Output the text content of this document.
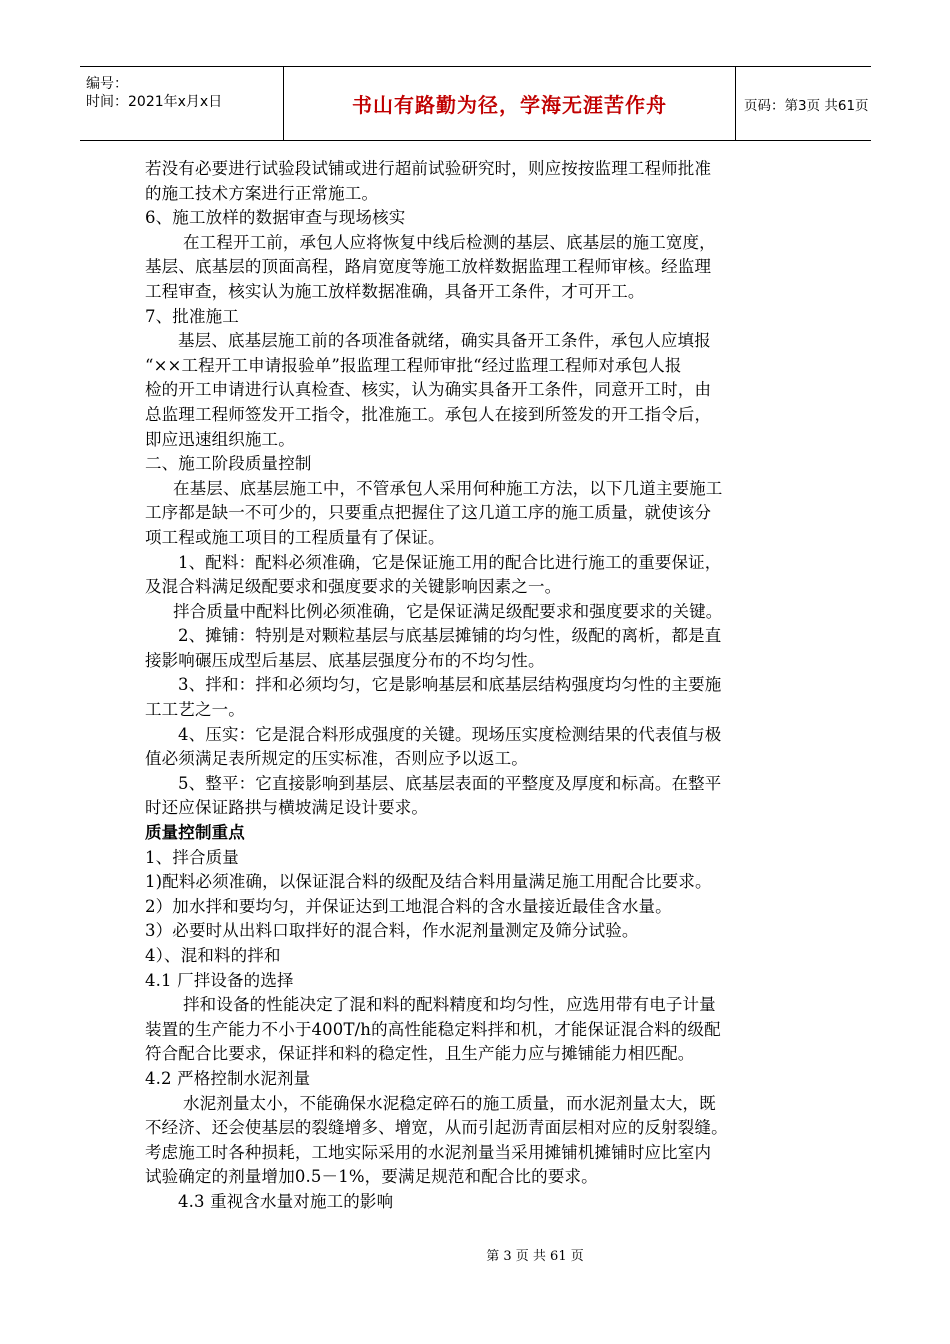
编号：
时间：2021年x月x日	书山有路勤为径，学海无涯苦作舟	页码：第3页 共61页
若没有必要进行试验段试铺或进行超前试验研究时，则应按按监理工程师批准
的施工技术方案进行正常施工。
6、施工放样的数据审查与现场核实
在工程开工前，承包人应将恢复中线后检测的基层、底基层的施工宽度，
基层、底基层的顶面高程，路肩宽度等施工放样数据监理工程师审核。经监理
工程审查，核实认为施工放样数据准确，具备开工条件，才可开工。
7、批准施工
基层、底基层施工前的各项准备就绪，确实具备开工条件，承包人应填报
“××工程开工申请报验单”报监理工程师审批“经过监理工程师对承包人报
检的开工申请进行认真检查、核实，认为确实具备开工条件，同意开工时，由
总监理工程师签发开工指令，批准施工。承包人在接到所签发的开工指令后，
即应迅速组织施工。
二、施工阶段质量控制
在基层、底基层施工中，不管承包人采用何种施工方法，以下几道主要施工
工序都是缺一不可少的，只要重点把握住了这几道工序的施工质量，就使该分
项工程或施工项目的工程质量有了保证。
1、配料：配料必须准确，它是保证施工用的配合比进行施工的重要保证，
及混合料满足级配要求和强度要求的关键影响因素之一。
拌合质量中配料比例必须准确，它是保证满足级配要求和强度要求的关键。
2、摊铺：特别是对颗粒基层与底基层摊铺的均匀性，级配的离析，都是直
接影响碾压成型后基层、底基层强度分布的不均匀性。
3、拌和：拌和必须均匀，它是影响基层和底基层结构强度均匀性的主要施
工工艺之一。
4、压实：它是混合料形成强度的关键。现场压实度检测结果的代表值与极
值必须满足表所规定的压实标准，否则应予以返工。
5、整平：它直接影响到基层、底基层表面的平整度及厚度和标高。在整平
时还应保证路拱与横坡满足设计要求。
质量控制重点
1、拌合质量
1)配料必须准确，以保证混合料的级配及结合料用量满足施工用配合比要求。
2）加水拌和要均匀，并保证达到工地混合料的含水量接近最佳含水量。
3）必要时从出料口取拌好的混合料，作水泥剂量测定及筛分试验。
4）、混和料的拌和
4.1 厂拌设备的选择
拌和设备的性能决定了混和料的配料精度和均匀性，应选用带有电子计量
装置的生产能力不小于400T/h的高性能稳定料拌和机，才能保证混合料的级配
符合配合比要求，保证拌和料的稳定性，且生产能力应与摊铺能力相匹配。
4.2 严格控制水泥剂量
水泥剂量太小，不能确保水泥稳定碎石的施工质量，而水泥剂量太大，既
不经济、还会使基层的裂缝增多、增宽，从而引起沥青面层相对应的反射裂缝。
考虑施工时各种损耗，工地实际采用的水泥剂量当采用摊铺机摊铺时应比室内
试验确定的剂量增加0.5－1%，要满足规范和配合比的要求。
4.3 重视含水量对施工的影响
第 3 页 共 61 页
